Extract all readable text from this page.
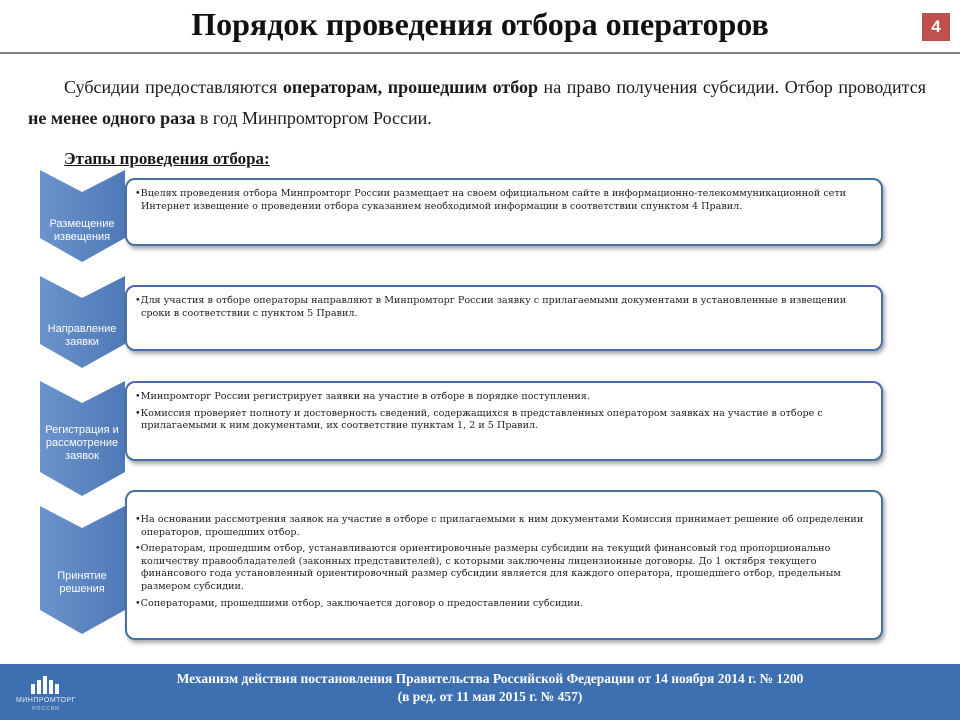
Порядок проведения отбора операторов	4
  Субсидии предоставляются операторам, прошедшим отбор на право получения субсидии. Отбор проводится не менее одного раза в год Минпромторгом России.
Этапы проведения отбора:
Размещение извещения
Направление заявки
Регистрация и рассмотрение заявок
Принятие решения

•Вцелях проведения отбора Минпромторг России размещает на своем официальном сайте в информационно-телекоммуникационной сети Интернет извещение о проведении отбора суказанием необходимой информации в соответствии спунктом 4 Правил.

•Для участия в отборе операторы направляют в Минпромторг России заявку с прилагаемыми документами в установленные в извещении сроки в соответствии с пунктом 5 Правил.

•Минпромторг России регистрирует заявки на участие в отборе в порядке поступления.

•Комиссия проверяет полноту и достоверность сведений, содержащихся в представленных оператором заявках на участие в отборе с прилагаемыми к ним документами, их соответствие пунктам 1, 2 и 5 Правил.

•На основании рассмотрения заявок на участие в отборе с прилагаемыми к ним документами Комиссия принимает решение об определении операторов, прошедших отбор.

•Операторам, прошедшим отбор, устанавливаются ориентировочные размеры субсидии на текущий финансовый год пропорционально количеству правообладателей (законных представителей), с которыми заключены лицензионные договоры. До 1 октября текущего финансового года установленный ориентировочный размер субсидии является для каждого оператора, прошедшего отбор, предельным размером субсидии.

•Соператорами, прошедшими отбор, заключается договор о предоставлении субсидии.

МИНПРОМТОРГ
РОССИИ
Механизм действия постановления Правительства Российской Федерации от 14 ноября 2014 г. № 1200
(в ред. от 11 мая 2015 г. № 457)
